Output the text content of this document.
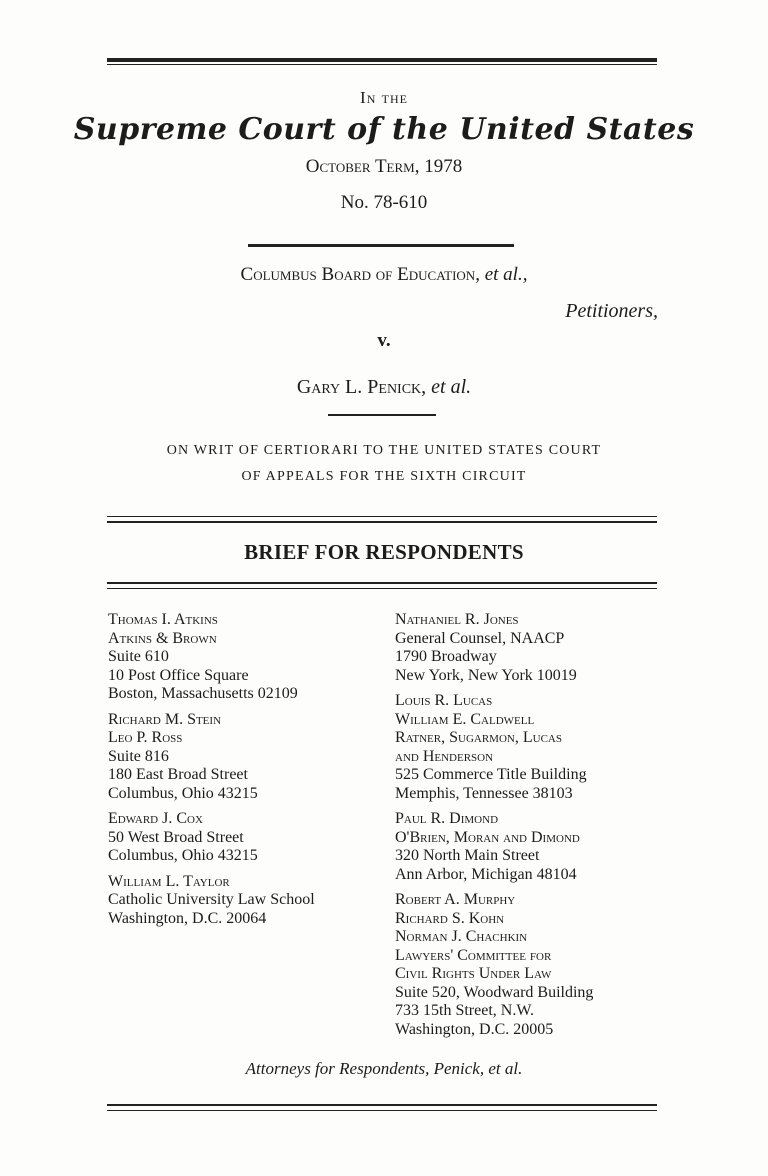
In the
Supreme Court of the United States
October Term, 1978
No. 78-610
Columbus Board of Education, et al.,
Petitioners,
v.
Gary L. Penick, et al.
ON WRIT OF CERTIORARI TO THE UNITED STATES COURT
OF APPEALS FOR THE SIXTH CIRCUIT
BRIEF FOR RESPONDENTS
Thomas I. Atkins
Atkins & Brown
Suite 610
10 Post Office Square
Boston, Massachusetts 02109
Richard M. Stein
Leo P. Ross
Suite 816
180 East Broad Street
Columbus, Ohio 43215
Edward J. Cox
50 West Broad Street
Columbus, Ohio 43215
William L. Taylor
Catholic University Law School
Washington, D.C. 20064
Nathaniel R. Jones
General Counsel, NAACP
1790 Broadway
New York, New York 10019
Louis R. Lucas
William E. Caldwell
Ratner, Sugarmon, Lucas
and Henderson
525 Commerce Title Building
Memphis, Tennessee 38103
Paul R. Dimond
O'Brien, Moran and Dimond
320 North Main Street
Ann Arbor, Michigan 48104
Robert A. Murphy
Richard S. Kohn
Norman J. Chachkin
Lawyers' Committee for
Civil Rights Under Law
Suite 520, Woodward Building
733 15th Street, N.W.
Washington, D.C. 20005
Attorneys for Respondents, Penick, et al.
